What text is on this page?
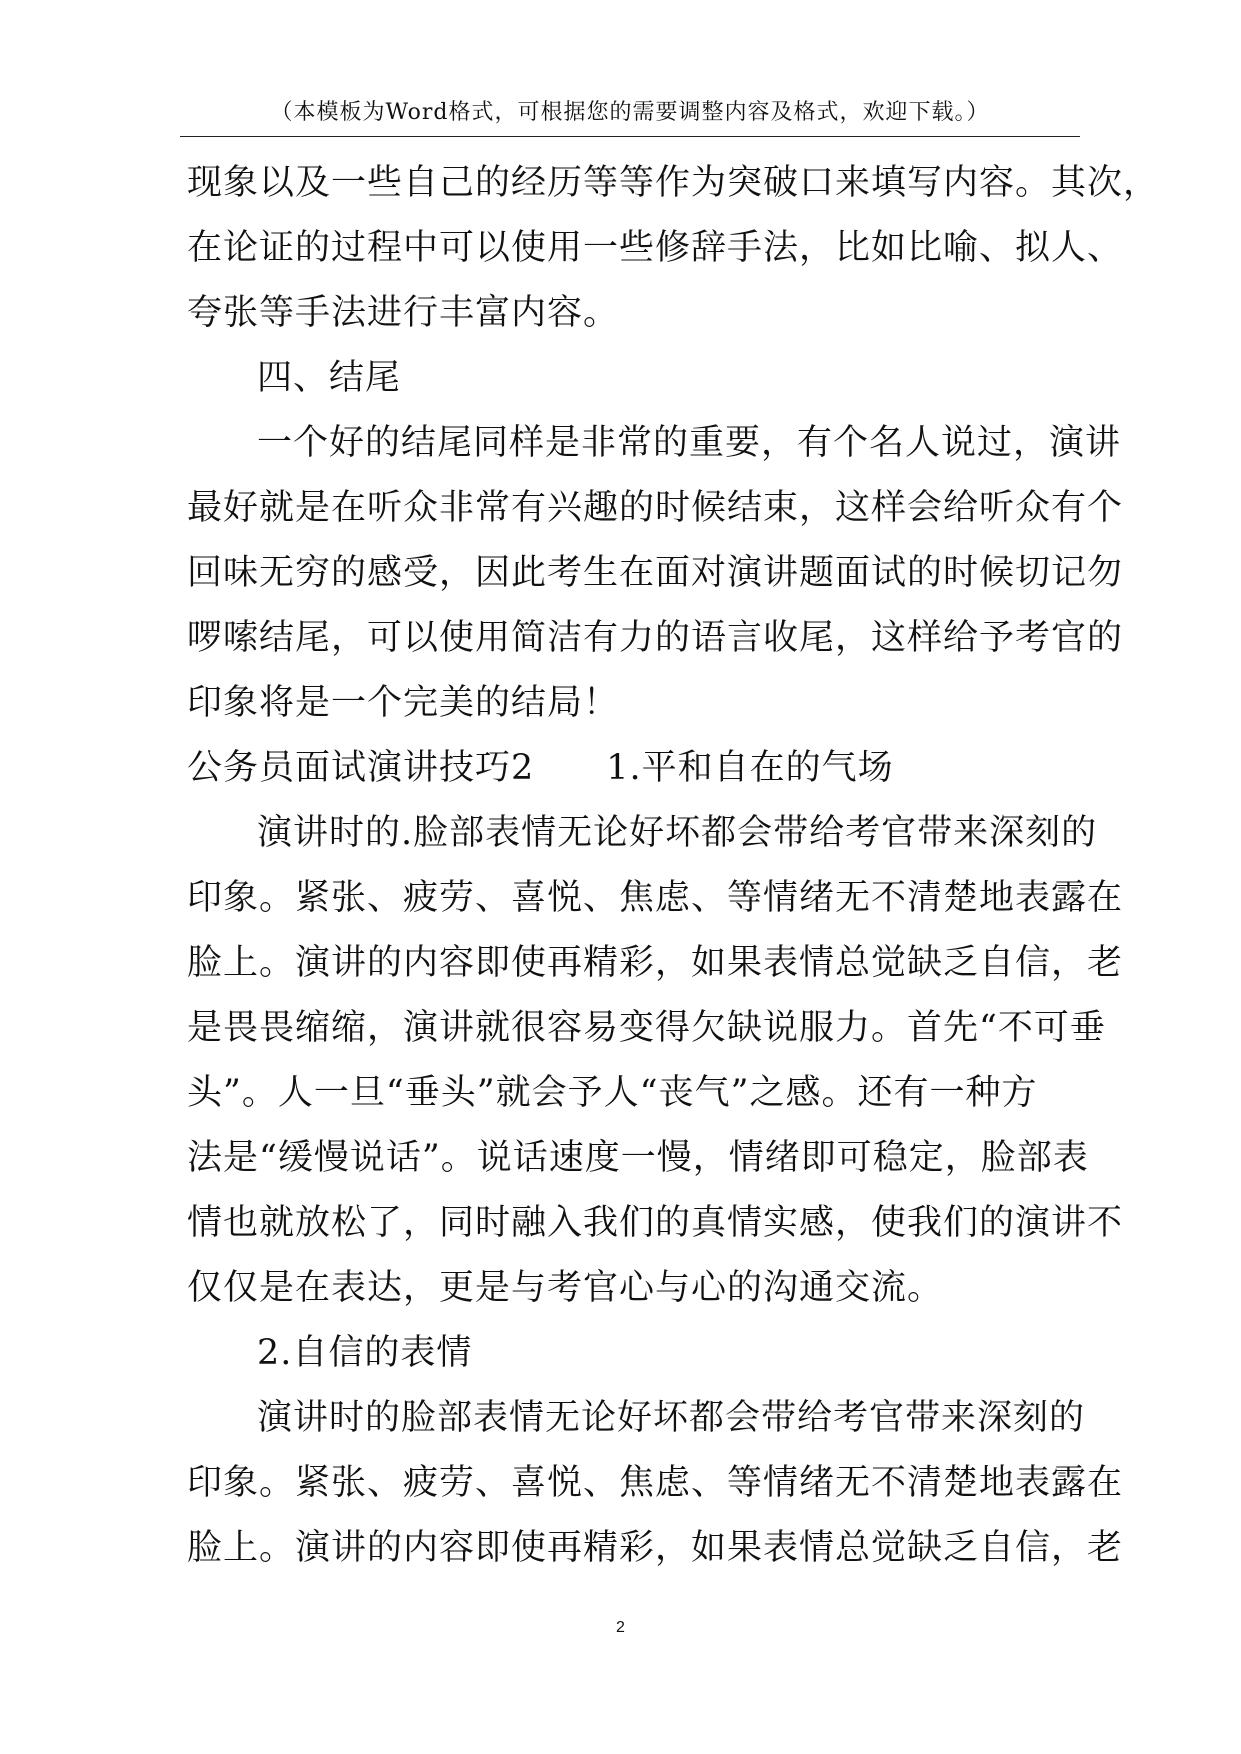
（本模板为Word格式，可根据您的需要调整内容及格式，欢迎下载。）
现象以及一些自己的经历等等作为突破口来填写内容。其次，
在论证的过程中可以使用一些修辞手法，比如比喻、拟人、
夸张等手法进行丰富内容。
四、结尾
一个好的结尾同样是非常的重要，有个名人说过，演讲
最好就是在听众非常有兴趣的时候结束，这样会给听众有个
回味无穷的感受，因此考生在面对演讲题面试的时候切记勿
啰嗦结尾，可以使用简洁有力的语言收尾，这样给予考官的
印象将是一个完美的结局！
公务员面试演讲技巧2　　1.平和自在的气场
演讲时的.脸部表情无论好坏都会带给考官带来深刻的
印象。紧张、疲劳、喜悦、焦虑、等情绪无不清楚地表露在
脸上。演讲的内容即使再精彩，如果表情总觉缺乏自信，老
是畏畏缩缩，演讲就很容易变得欠缺说服力。首先“不可垂
头”。人一旦“垂头”就会予人“丧气”之感。还有一种方
法是“缓慢说话”。说话速度一慢，情绪即可稳定，脸部表
情也就放松了，同时融入我们的真情实感，使我们的演讲不
仅仅是在表达，更是与考官心与心的沟通交流。
2.自信的表情
演讲时的脸部表情无论好坏都会带给考官带来深刻的
印象。紧张、疲劳、喜悦、焦虑、等情绪无不清楚地表露在
脸上。演讲的内容即使再精彩，如果表情总觉缺乏自信，老
2
